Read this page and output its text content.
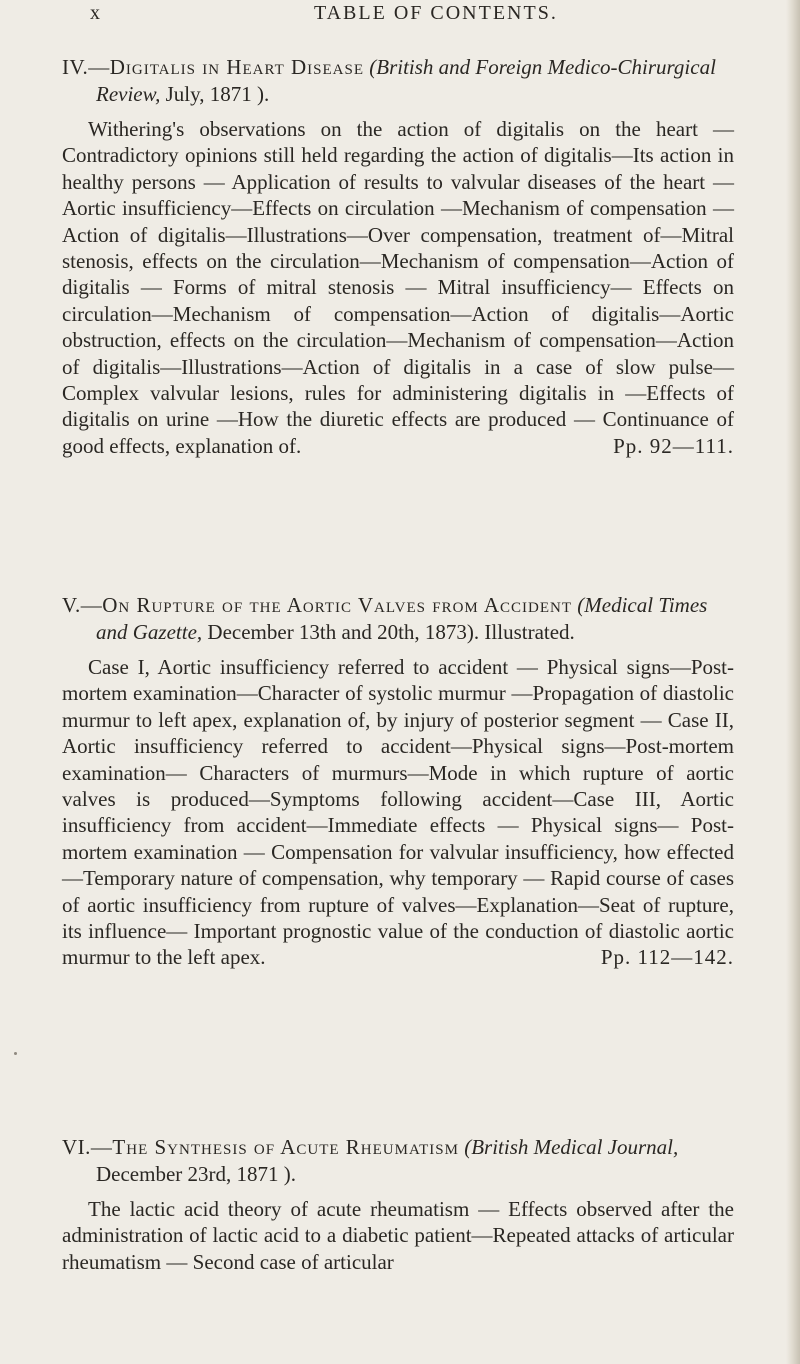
x	TABLE OF CONTENTS.
IV.—Digitalis in Heart Disease (British and Foreign Medico-Chirurgical Review, July, 1871 ).
Withering's observations on the action of digitalis on the heart —Contradictory opinions still held regarding the action of digitalis—Its action in healthy persons — Application of results to valvular diseases of the heart —Aortic insufficiency—Effects on circulation —Mechanism of compensation — Action of digitalis—Illustrations—Over compensation, treatment of—Mitral stenosis, effects on the circulation—Mechanism of compensation—Action of digitalis — Forms of mitral stenosis — Mitral insufficiency— Effects on circulation—Mechanism of compensation—Action of digitalis—Aortic obstruction, effects on the circulation—Mechanism of compensation—Action of digitalis—Illustrations—Action of digitalis in a case of slow pulse—Complex valvular lesions, rules for administering digitalis in —Effects of digitalis on urine —How the diuretic effects are produced — Continuance of good effects, explanation of.	Pp. 92—111.
V.—On Rupture of the Aortic Valves from Accident (Medical Times and Gazette, December 13th and 20th, 1873). Illustrated.
Case I, Aortic insufficiency referred to accident — Physical signs—Post-mortem examination—Character of systolic murmur —Propagation of diastolic murmur to left apex, explanation of, by injury of posterior segment — Case II, Aortic insufficiency referred to accident—Physical signs—Post-mortem examination— Characters of murmurs—Mode in which rupture of aortic valves is produced—Symptoms following accident—Case III, Aortic insufficiency from accident—Immediate effects — Physical signs— Post-mortem examination — Compensation for valvular insufficiency, how effected—Temporary nature of compensation, why temporary — Rapid course of cases of aortic insufficiency from rupture of valves—Explanation—Seat of rupture, its influence— Important prognostic value of the conduction of diastolic aortic murmur to the left apex.	Pp. 112—142.
VI.—The Synthesis of Acute Rheumatism (British Medical Journal, December 23rd, 1871 ).
The lactic acid theory of acute rheumatism — Effects observed after the administration of lactic acid to a diabetic patient—Repeated attacks of articular rheumatism — Second case of articular
